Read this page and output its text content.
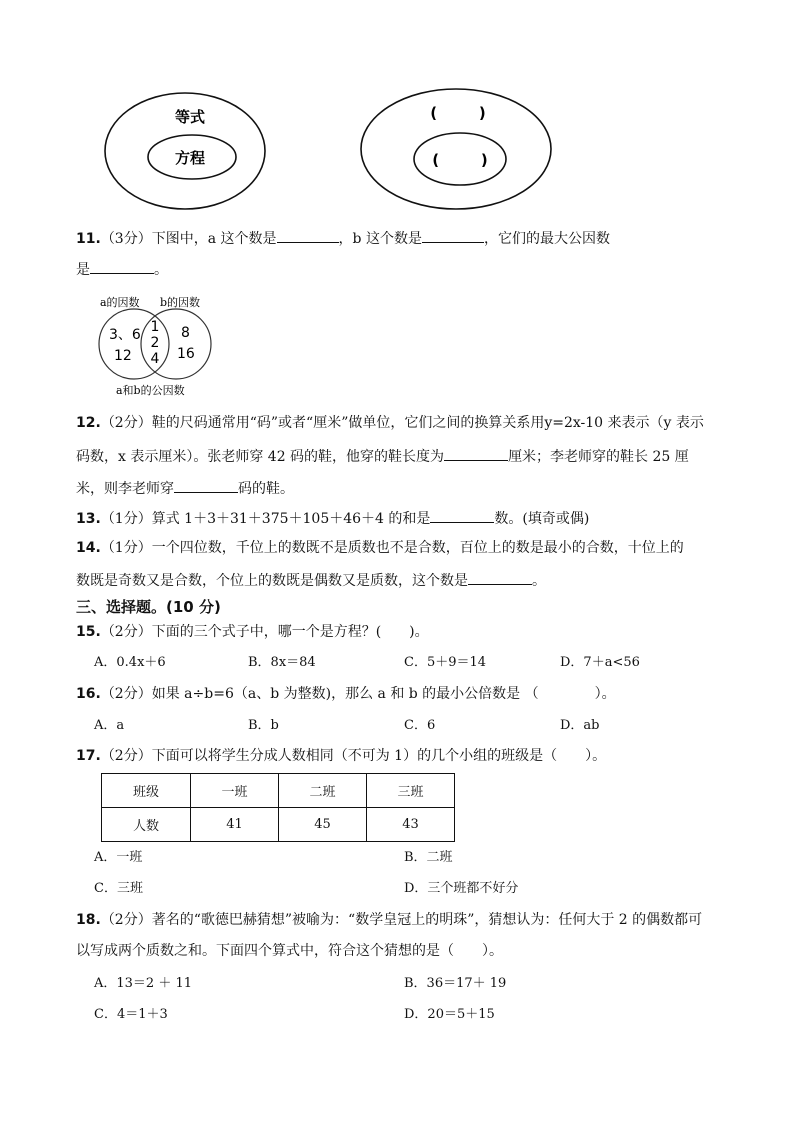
等式
方程
(        )
(        )
11.（3分）下图中，a 这个数是	，b 这个数是	，它们的最大公因数
是	。
a的因数 b的因数
3、6
12
1
2
4
8
16
a和b的公因数
12.（2分）鞋的尺码通常用“码”或者“厘米”做单位，它们之间的换算关系用y=2x-10 来表示（y 表示
码数，x 表示厘米）。张老师穿 42 码的鞋，他穿的鞋长度为	厘米；李老师穿的鞋长 25 厘
米，则李老师穿	码的鞋。
13.（1分）算式 1＋3＋31＋375＋105＋46＋4 的和是	数。(填奇或偶)
14.（1分）一个四位数，千位上的数既不是质数也不是合数，百位上的数是最小的合数，十位上的
数既是奇数又是合数，个位上的数既是偶数又是质数，这个数是	。
三、选择题。(10 分)
15.（2分）下面的三个式子中，哪一个是方程？(　　)。
A．0.4x＋6	B．8x＝84	C．5＋9＝14	D．7＋a<56
16.（2分）如果 a÷b=6（a、b 为整数)，那么 a 和 b 的最小公倍数是 （　　　　）。
A．a	B．b	C．6	D．ab
17.（2分）下面可以将学生分成人数相同（不可为 1）的几个小组的班级是（　　）。
班级	一班	二班	三班
人数	41	45	43
A．一班	B．二班
C．三班	D．三个班都不好分
18.（2分）著名的“歌德巴赫猜想”被喻为：“数学皇冠上的明珠”，猜想认为：任何大于 2 的偶数都可
以写成两个质数之和。下面四个算式中，符合这个猜想的是（　　）。
A．13＝2 ＋ 11	B．36＝17＋ 19
C．4＝1＋3	D．20＝5＋15
